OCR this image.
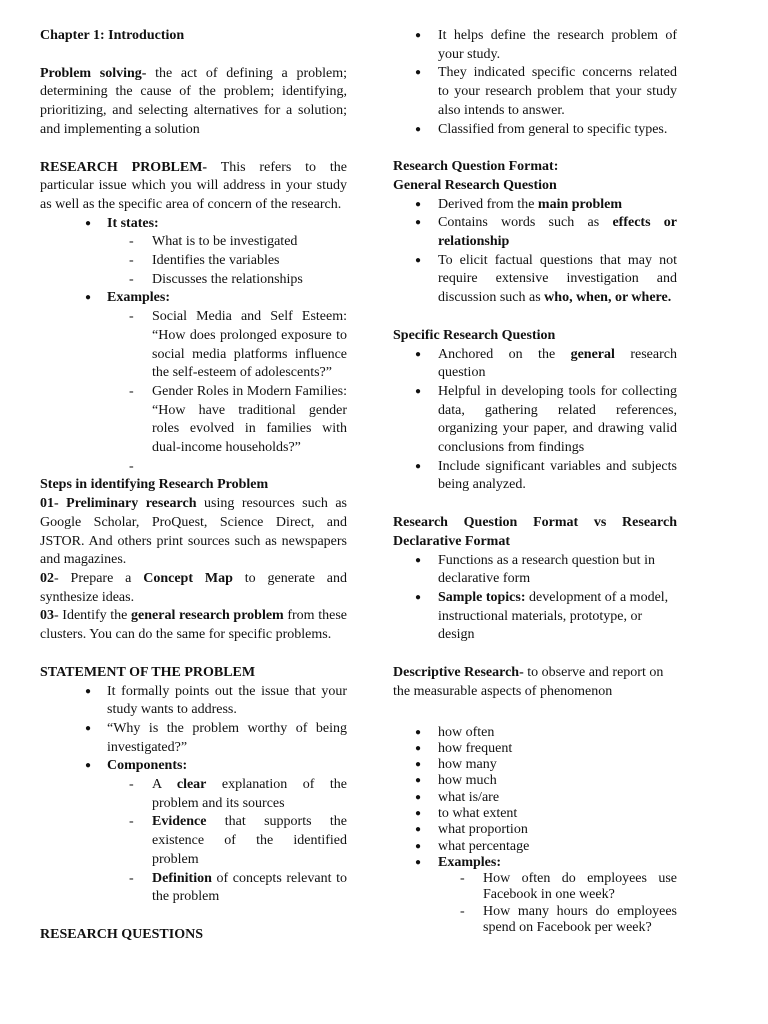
Chapter 1: Introduction

Problem solving- the act of defining a problem; determining the cause of the problem; identifying, prioritizing, and selecting alternatives for a solution; and implementing a solution

RESEARCH PROBLEM- This refers to the particular issue which you will address in your study as well as the specific area of concern of the research.

● It states:
- What is to be investigated
- Identifies the variables
- Discusses the relationships
● Examples:
- Social Media and Self Esteem: “How does prolonged exposure to social media platforms influence the self-esteem of adolescents?”
- Gender Roles in Modern Families: “How have traditional gender roles evolved in families with dual-income households?”
-

Steps in identifying Research Problem

01- Preliminary research using resources such as Google Scholar, ProQuest, Science Direct, and JSTOR. And others print sources such as newspapers and magazines.

02- Prepare a Concept Map to generate and synthesize ideas.

03- Identify the general research problem from these clusters. You can do the same for specific problems.

STATEMENT OF THE PROBLEM

● It formally points out the issue that your study wants to address.
● “Why is the problem worthy of being investigated?”
● Components:
- A clear explanation of the problem and its sources
- Evidence that supports the existence of the identified problem
- Definition of concepts relevant to the problem

RESEARCH QUESTIONS

● It helps define the research problem of your study.
● They indicated specific concerns related to your research problem that your study also intends to answer.
● Classified from general to specific types.

Research Question Format:

General Research Question

● Derived from the main problem
● Contains words such as effects or relationship
● To elicit factual questions that may not require extensive investigation and discussion such as who, when, or where.

Specific Research Question

● Anchored on the general research question
● Helpful in developing tools for collecting data, gathering related references, organizing your paper, and drawing valid conclusions from findings
● Include significant variables and subjects being analyzed.

Research Question Format vs Research Declarative Format

● Functions as a research question but in declarative form
● Sample topics: development of a model, instructional materials, prototype, or design

Descriptive Research- to observe and report on the measurable aspects of phenomenon

● how often
● how frequent
● how many
● how much
● what is/are
● to what extent
● what proportion
● what percentage
● Examples:
- How often do employees use Facebook in one week?
- How many hours do employees spend on Facebook per week?
